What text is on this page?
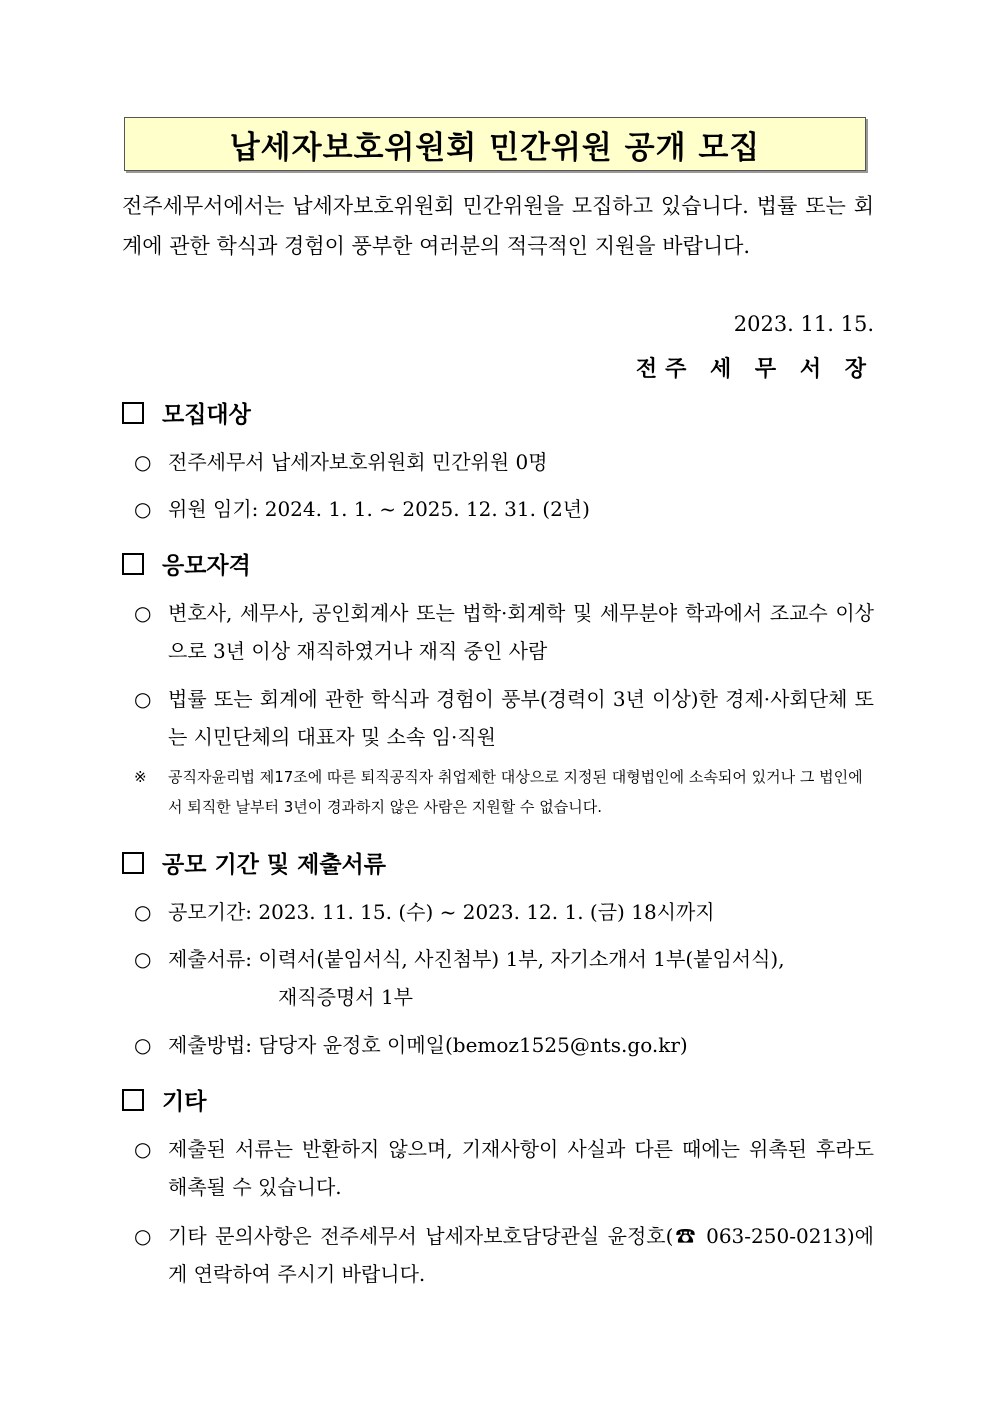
납세자보호위원회 민간위원 공개 모집

전주세무서에서는 납세자보호위원회 민간위원을 모집하고 있습니다. 법률 또는 회계에 관한 학식과 경험이 풍부한 여러분의 적극적인 지원을 바랍니다.

2023. 11. 15.
전주 세 무 서 장
모집대상
○ 전주세무서 납세자보호위원회 민간위원 0명
○ 위원 임기: 2024. 1. 1. ~ 2025. 12. 31. (2년)
응모자격
○ 변호사, 세무사, 공인회계사 또는 법학·회계학 및 세무분야 학과에서 조교수 이상으로 3년 이상 재직하였거나 재직 중인 사람
○ 법률 또는 회계에 관한 학식과 경험이 풍부(경력이 3년 이상)한 경제·사회단체 또는 시민단체의 대표자 및 소속 임·직원
※	공직자윤리법 제17조에 따른 퇴직공직자 취업제한 대상으로 지정된 대형법인에 소속되어 있거나 그 법인에서 퇴직한 날부터 3년이 경과하지 않은 사람은 지원할 수 없습니다.
공모 기간 및 제출서류
○ 공모기간: 2023. 11. 15. (수) ~ 2023. 12. 1. (금) 18시까지
○ 제출서류: 이력서(붙임서식, 사진첨부) 1부, 자기소개서 1부(붙임서식),
재직증명서 1부
○ 제출방법: 담당자 윤정호 이메일(bemoz1525@nts.go.kr)
기타
○ 제출된 서류는 반환하지 않으며, 기재사항이 사실과 다른 때에는 위촉된 후라도 해촉될 수 있습니다.
○ 기타 문의사항은 전주세무서 납세자보호담당관실 윤정호(☎ 063-250-0213)에게 연락하여 주시기 바랍니다.
